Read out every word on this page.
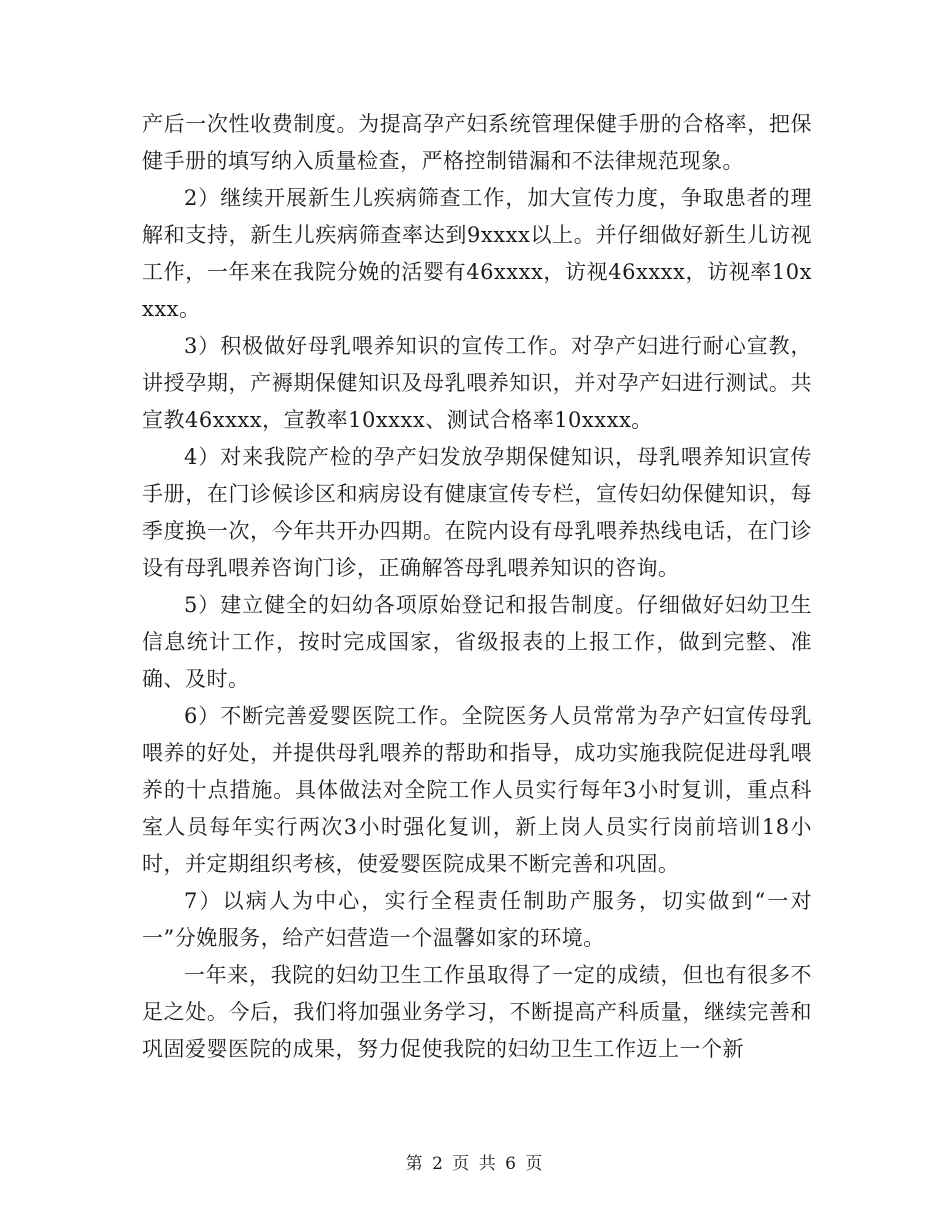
产后一次性收费制度。为提高孕产妇系统管理保健手册的合格率，把保健手册的填写纳入质量检查，严格控制错漏和不法律规范现象。

2）继续开展新生儿疾病筛查工作，加大宣传力度，争取患者的理解和支持，新生儿疾病筛查率达到9xxxx以上。并仔细做好新生儿访视工作，一年来在我院分娩的活婴有46xxxx，访视46xxxx，访视率10xxxx。

3）积极做好母乳喂养知识的宣传工作。对孕产妇进行耐心宣教，讲授孕期，产褥期保健知识及母乳喂养知识，并对孕产妇进行测试。共宣教46xxxx，宣教率10xxxx、测试合格率10xxxx。

4）对来我院产检的孕产妇发放孕期保健知识，母乳喂养知识宣传手册，在门诊候诊区和病房设有健康宣传专栏，宣传妇幼保健知识，每季度换一次，今年共开办四期。在院内设有母乳喂养热线电话，在门诊设有母乳喂养咨询门诊，正确解答母乳喂养知识的咨询。

5）建立健全的妇幼各项原始登记和报告制度。仔细做好妇幼卫生信息统计工作，按时完成国家，省级报表的上报工作，做到完整、准确、及时。

6）不断完善爱婴医院工作。全院医务人员常常为孕产妇宣传母乳喂养的好处，并提供母乳喂养的帮助和指导，成功实施我院促进母乳喂养的十点措施。具体做法对全院工作人员实行每年3小时复训，重点科室人员每年实行两次3小时强化复训，新上岗人员实行岗前培训18小时，并定期组织考核，使爱婴医院成果不断完善和巩固。

7）以病人为中心，实行全程责任制助产服务，切实做到“一对一”分娩服务，给产妇营造一个温馨如家的环境。

一年来，我院的妇幼卫生工作虽取得了一定的成绩，但也有很多不足之处。今后，我们将加强业务学习，不断提高产科质量，继续完善和巩固爱婴医院的成果，努力促使我院的妇幼卫生工作迈上一个新

第 2 页 共 6 页
